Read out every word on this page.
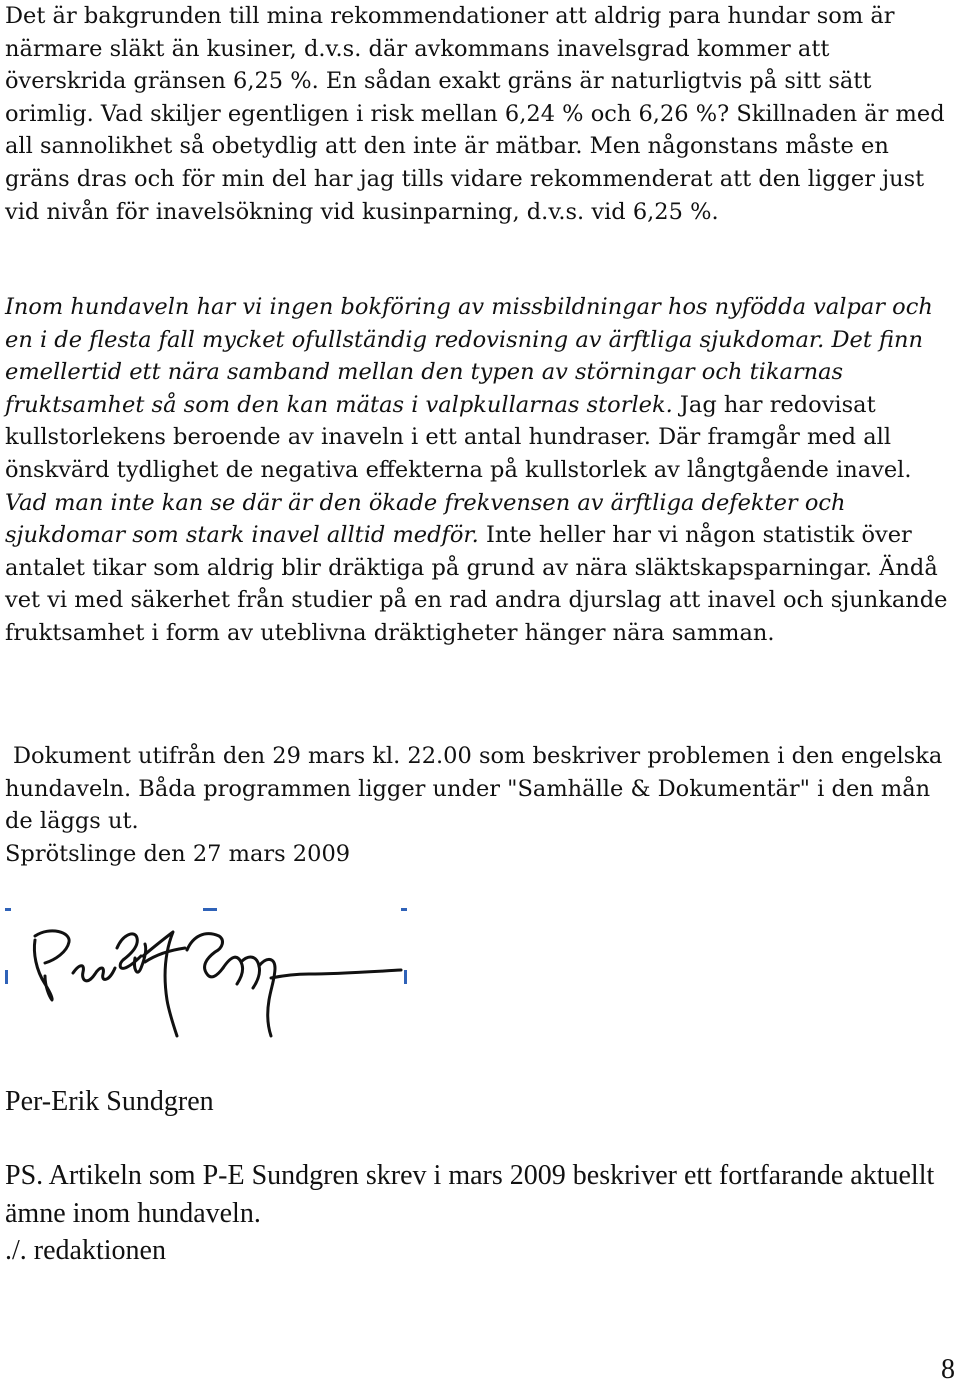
Det är bakgrunden till mina rekommendationer att aldrig para hundar som är närmare släkt än kusiner, d.v.s. där avkommans inavelsgrad kommer att överskrida gränsen 6,25 %. En sådan exakt gräns är naturligtvis på sitt sätt orimlig. Vad skiljer egentligen i risk mellan 6,24 % och 6,26 %? Skillnaden är med all sannolikhet så obetydlig att den inte är mätbar. Men någonstans måste en gräns dras och för min del har jag tills vidare rekommenderat att den ligger just vid nivån för inavelsökning vid kusinparning, d.v.s. vid 6,25 %.

Inom hundaveln har vi ingen bokföring av missbildningar hos nyfödda valpar och en i de flesta fall mycket ofullständig redovisning av ärftliga sjukdomar. Det finn emellertid ett nära samband mellan den typen av störningar och tikarnas fruktsamhet så som den kan mätas i valpkullarnas storlek. Jag har redovisat kullstorlekens beroende av inaveln i ett antal hundraser. Där framgår med all önskvärd tydlighet de negativa effekterna på kullstorlek av långtgående inavel. Vad man inte kan se där är den ökade frekvensen av ärftliga defekter och sjukdomar som stark inavel alltid medför. Inte heller har vi någon statistik över antalet tikar som aldrig blir dräktiga på grund av nära släktskapsparningar. Ändå vet vi med säkerhet från studier på en rad andra djurslag att inavel och sjunkande fruktsamhet i form av uteblivna dräktigheter hänger nära samman.

Dokument utifrån den 29 mars kl. 22.00 som beskriver problemen i den engelska hundaveln. Båda programmen ligger under "Samhälle & Dokumentär" i den mån de läggs ut.

Sprötslinge den 27 mars 2009

Per-Erik Sundgren

PS. Artikeln som P-E Sundgren skrev i mars 2009 beskriver ett fortfarande aktuellt ämne inom hundaveln.
./. redaktionen

8
